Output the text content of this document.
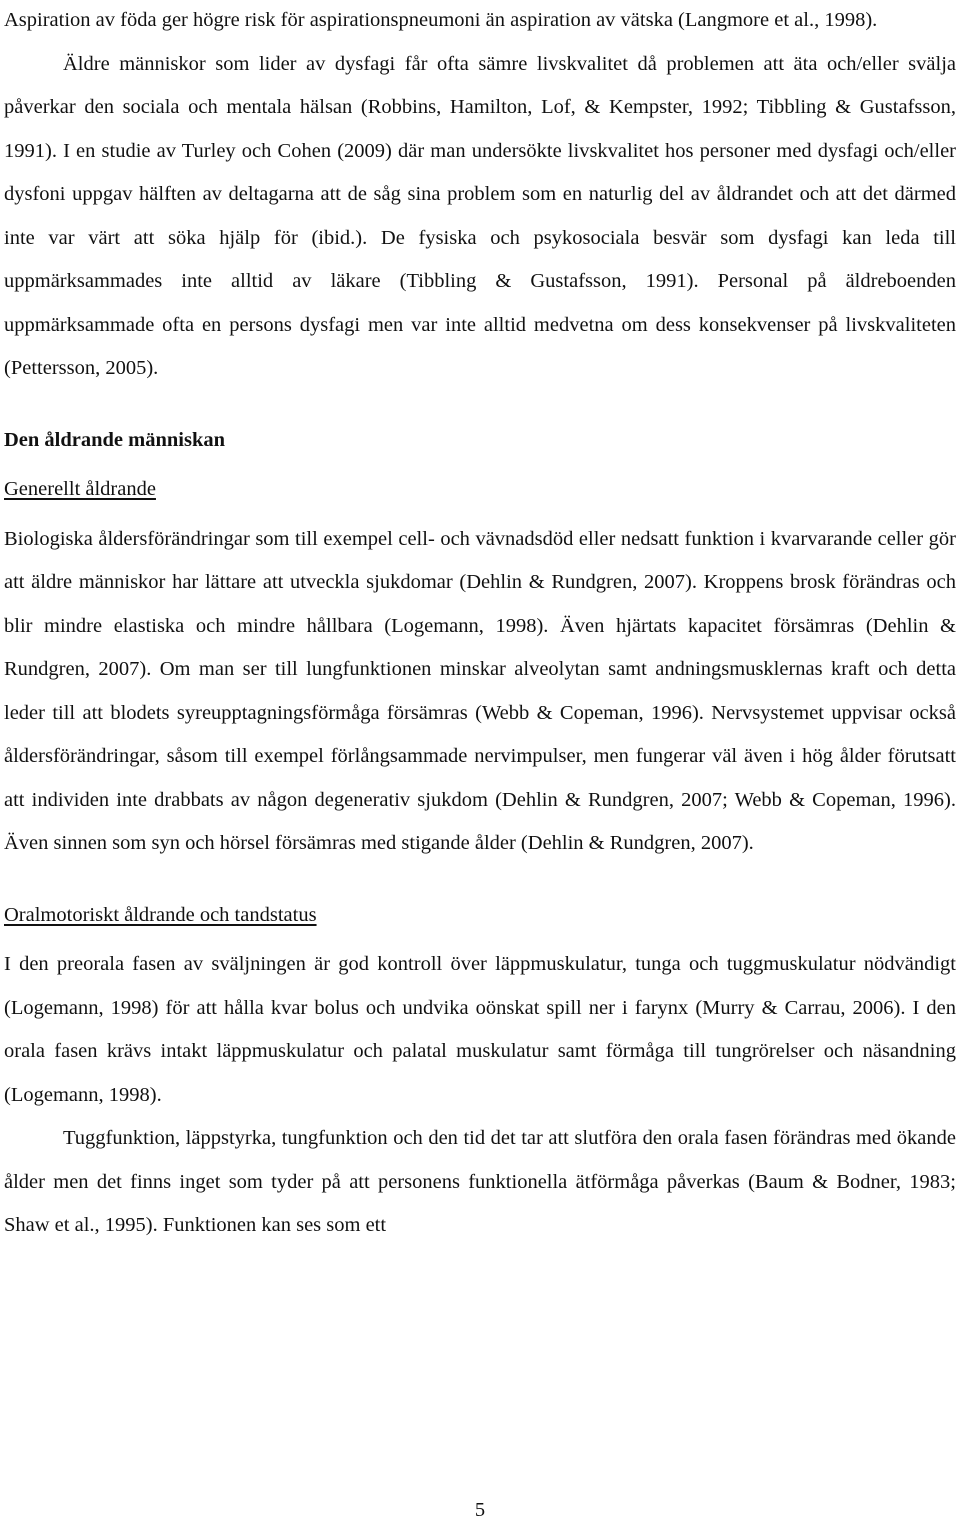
Aspiration av föda ger högre risk för aspirationspneumoni än aspiration av vätska (Langmore et al., 1998).

Äldre människor som lider av dysfagi får ofta sämre livskvalitet då problemen att äta och/eller svälja påverkar den sociala och mentala hälsan (Robbins, Hamilton, Lof, & Kempster, 1992; Tibbling & Gustafsson, 1991). I en studie av Turley och Cohen (2009) där man undersökte livskvalitet hos personer med dysfagi och/eller dysfoni uppgav hälften av deltagarna att de såg sina problem som en naturlig del av åldrandet och att det därmed inte var värt att söka hjälp för (ibid.). De fysiska och psykosociala besvär som dysfagi kan leda till uppmärksammades inte alltid av läkare (Tibbling & Gustafsson, 1991). Personal på äldreboenden uppmärksammade ofta en persons dysfagi men var inte alltid medvetna om dess konsekvenser på livskvaliteten (Pettersson, 2005).

Den åldrande människan
Generellt åldrande

Biologiska åldersförändringar som till exempel cell- och vävnadsdöd eller nedsatt funktion i kvarvarande celler gör att äldre människor har lättare att utveckla sjukdomar (Dehlin & Rundgren, 2007). Kroppens brosk förändras och blir mindre elastiska och mindre hållbara (Logemann, 1998). Även hjärtats kapacitet försämras (Dehlin & Rundgren, 2007). Om man ser till lungfunktionen minskar alveolytan samt andningsmusklernas kraft och detta leder till att blodets syreupptagningsförmåga försämras (Webb & Copeman, 1996). Nervsystemet uppvisar också åldersförändringar, såsom till exempel förlångsammade nervimpulser, men fungerar väl även i hög ålder förutsatt att individen inte drabbats av någon degenerativ sjukdom (Dehlin & Rundgren, 2007; Webb & Copeman, 1996). Även sinnen som syn och hörsel försämras med stigande ålder (Dehlin & Rundgren, 2007).

Oralmotoriskt åldrande och tandstatus

I den preorala fasen av sväljningen är god kontroll över läppmuskulatur, tunga och tuggmuskulatur nödvändigt (Logemann, 1998) för att hålla kvar bolus och undvika oönskat spill ner i farynx (Murry & Carrau, 2006). I den orala fasen krävs intakt läppmuskulatur och palatal muskulatur samt förmåga till tungrörelser och näsandning (Logemann, 1998).

Tuggfunktion, läppstyrka, tungfunktion och den tid det tar att slutföra den orala fasen förändras med ökande ålder men det finns inget som tyder på att personens funktionella ätförmåga påverkas (Baum & Bodner, 1983; Shaw et al., 1995). Funktionen kan ses som ett

5
